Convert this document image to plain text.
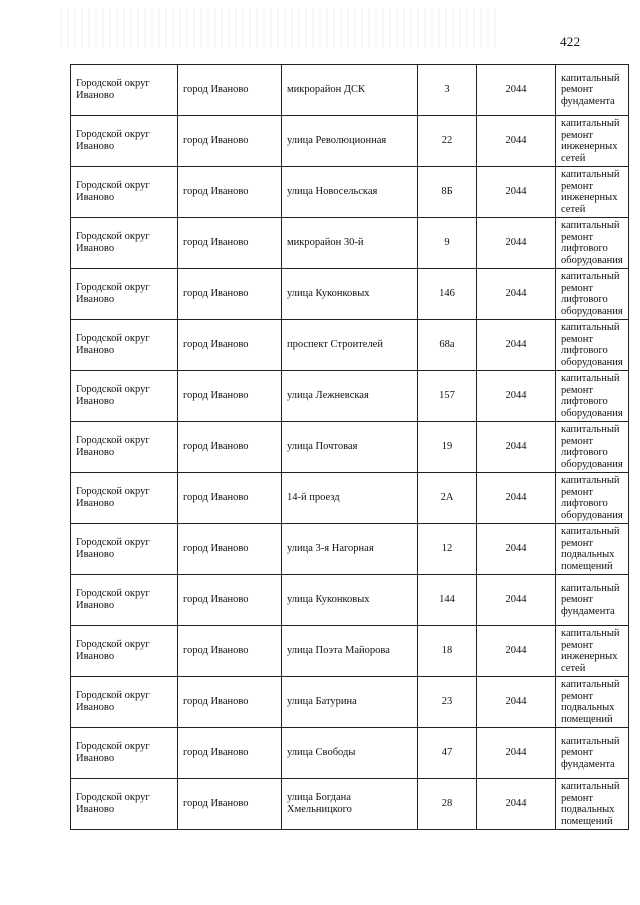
422
Городской округ Иваново	город Иваново	микрорайон ДСК	3	2044	капитальный ремонт фундамента
Городской округ Иваново	город Иваново	улица Революционная	22	2044	капитальный ремонт инженерных сетей
Городской округ Иваново	город Иваново	улица Новосельская	8Б	2044	капитальный ремонт инженерных сетей
Городской округ Иваново	город Иваново	микрорайон 30-й	9	2044	капитальный ремонт лифтового оборудования
Городской округ Иваново	город Иваново	улица Куконковых	146	2044	капитальный ремонт лифтового оборудования
Городской округ Иваново	город Иваново	проспект Строителей	68а	2044	капитальный ремонт лифтового оборудования
Городской округ Иваново	город Иваново	улица Лежневская	157	2044	капитальный ремонт лифтового оборудования
Городской округ Иваново	город Иваново	улица Почтовая	19	2044	капитальный ремонт лифтового оборудования
Городской округ Иваново	город Иваново	14-й проезд	2А	2044	капитальный ремонт лифтового оборудования
Городской округ Иваново	город Иваново	улица 3-я Нагорная	12	2044	капитальный ремонт подвальных помещений
Городской округ Иваново	город Иваново	улица Куконковых	144	2044	капитальный ремонт фундамента
Городской округ Иваново	город Иваново	улица Поэта Майорова	18	2044	капитальный ремонт инженерных сетей
Городской округ Иваново	город Иваново	улица Батурина	23	2044	капитальный ремонт подвальных помещений
Городской округ Иваново	город Иваново	улица Свободы	47	2044	капитальный ремонт фундамента
Городской округ Иваново	город Иваново	улица Богдана Хмельницкого	28	2044	капитальный ремонт подвальных помещений
